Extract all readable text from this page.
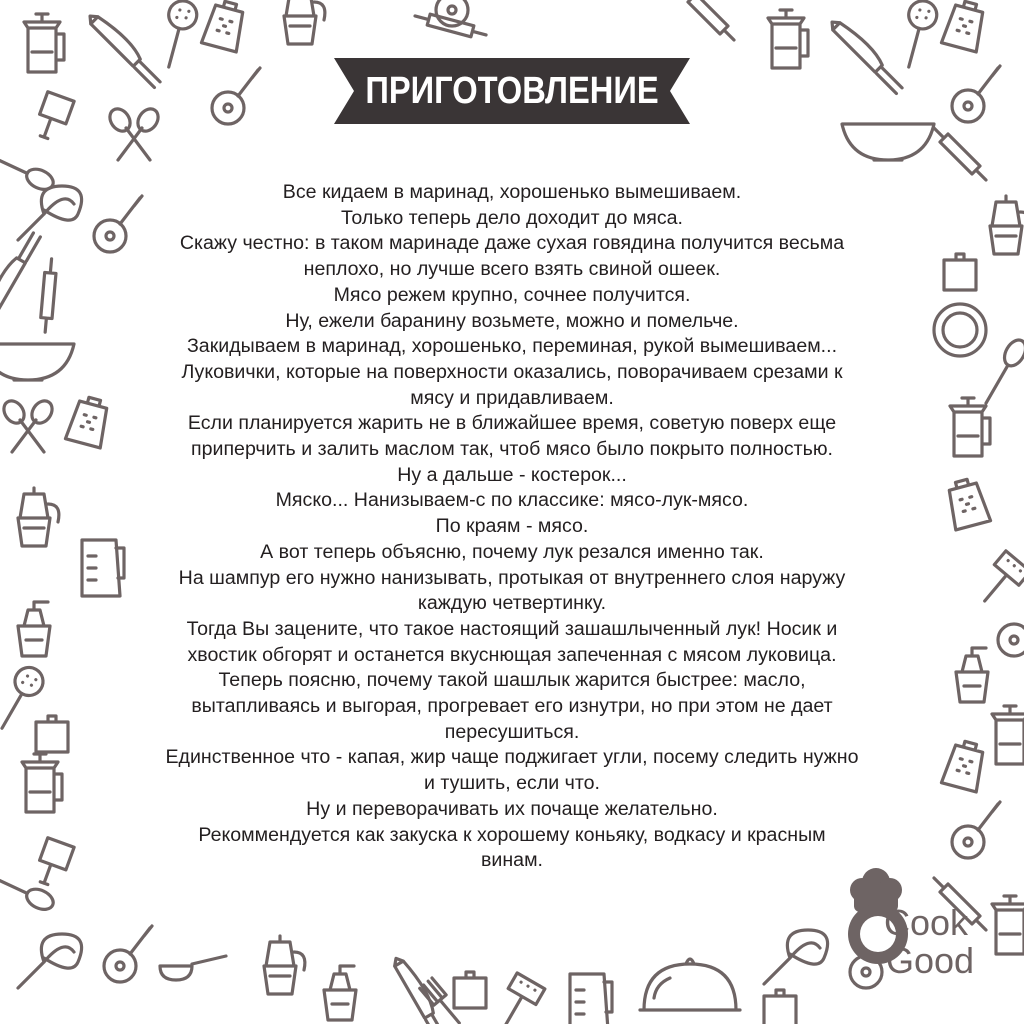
ПРИГОТОВЛЕНИЕ
Все кидаем в маринад, хорошенько вымешиваем.
Только теперь дело доходит до мяса.
Скажу честно: в таком маринаде даже сухая говядина получится весьма
неплохо, но лучше всего взять свиной ошеек.
Мясо режем крупно, сочнее получится.
Ну, ежели баранину возьмете, можно и помельче.
Закидываем в маринад, хорошенько, переминая, рукой вымешиваем...
Луковички, которые на поверхности оказались, поворачиваем срезами к
мясу и придавливаем.
Если планируется жарить не в ближайшее время, советую поверх еще
приперчить и залить маслом так, чтоб мясо было покрыто полностью.
Ну а дальше - костерок...
Мяско... Нанизываем-с по классике: мясо-лук-мясо.
По краям - мясо.
А вот теперь объясню, почему лук резался именно так.
На шампур его нужно нанизывать, протыкая от внутреннего слоя наружу
каждую четвертинку.
Тогда Вы зацените, что такое настоящий зашашлыченный лук! Носик и
хвостик обгорят и останется вкуснющая запеченная с мясом луковица.
Теперь поясню, почему такой шашлык жарится быстрее: масло,
вытапливаясь и выгорая, прогревает его изнутри, но при этом не дает
пересушиться.
Единственное что - капая, жир чаще поджигает угли, посему следить нужно
и тушить, если что.
Ну и переворачивать их почаще желательно.
Рекоммендуется как закуска к хорошему коньяку, водкасу и красным
винам.
Cook
Good
